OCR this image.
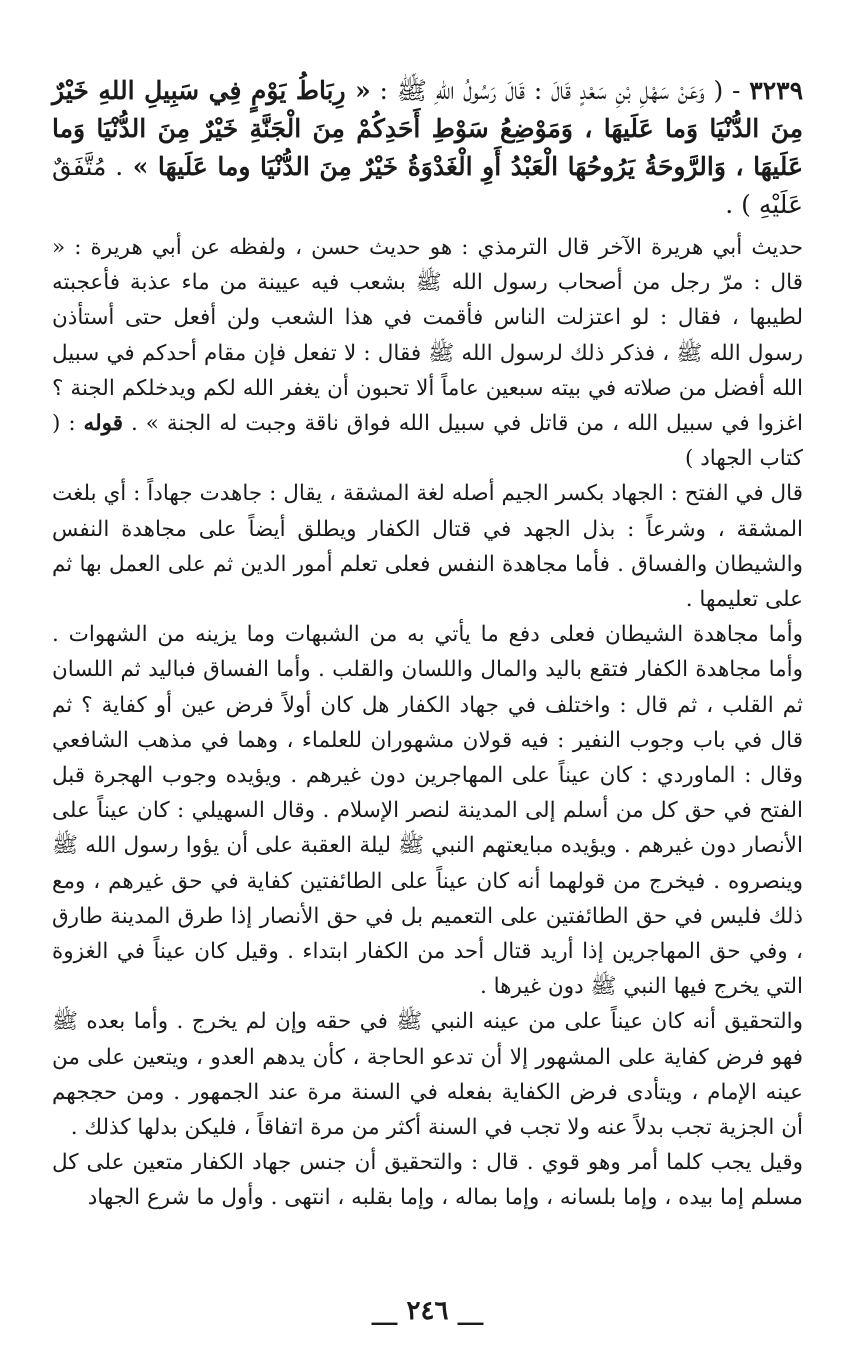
٣٢٣٩ - ( وَعَنْ سَهْلِ بْنِ سَعْدٍ قَالَ : قَالَ رَسُولُ اللهِ ﷺ : « رِبَاطُ يَوْمٍ فِي سَبِيلِ اللهِ خَيْرٌ مِنَ الدُّنْيَا وَما عَلَيهَا ، وَمَوْضِعُ سَوْطِ أَحَدِكُمْ مِنَ الْجَنَّةِ خَيْرٌ مِنَ الدُّنْيَا وَما عَلَيهَا ، وَالرَّوحَةُ يَرُوحُهَا الْعَبْدُ أَوِ الْغَدْوَةُ خَيْرٌ مِنَ الدُّنْيَا وما عَلَيهَا » . مُتَّفَقٌ عَلَيْهِ ) .

حديث أبي هريرة الآخر قال الترمذي : هو حديث حسن ، ولفظه عن أبي هريرة : « قال : مرّ رجل من أصحاب رسول الله ﷺ بشعب فيه عيينة من ماء عذبة فأعجبته لطيبها ، فقال : لو اعتزلت الناس فأقمت في هذا الشعب ولن أفعل حتى أستأذن رسول الله ﷺ ، فذكر ذلك لرسول الله ﷺ فقال : لا تفعل فإن مقام أحدكم في سبيل الله أفضل من صلاته في بيته سبعين عاماً ألا تحبون أن يغفر الله لكم ويدخلكم الجنة ؟ اغزوا في سبيل الله ، من قاتل في سبيل الله فواق ناقة وجبت له الجنة » . قوله : ( كتاب الجهاد )

قال في الفتح : الجهاد بكسر الجيم أصله لغة المشقة ، يقال : جاهدت جهاداً : أي بلغت المشقة ، وشرعاً : بذل الجهد في قتال الكفار ويطلق أيضاً على مجاهدة النفس والشيطان والفساق . فأما مجاهدة النفس فعلى تعلم أمور الدين ثم على العمل بها ثم على تعليمها .

وأما مجاهدة الشيطان فعلى دفع ما يأتي به من الشبهات وما يزينه من الشهوات . وأما مجاهدة الكفار فتقع باليد والمال واللسان والقلب . وأما الفساق فباليد ثم اللسان ثم القلب ، ثم قال : واختلف في جهاد الكفار هل كان أولاً فرض عين أو كفاية ؟ ثم قال في باب وجوب النفير : فيه قولان مشهوران للعلماء ، وهما في مذهب الشافعي وقال : الماوردي : كان عيناً على المهاجرين دون غيرهم . ويؤيده وجوب الهجرة قبل الفتح في حق كل من أسلم إلى المدينة لنصر الإسلام . وقال السهيلي : كان عيناً على الأنصار دون غيرهم . ويؤيده مبايعتهم النبي ﷺ ليلة العقبة على أن يؤوا رسول الله ﷺ وينصروه . فيخرج من قولهما أنه كان عيناً على الطائفتين كفاية في حق غيرهم ، ومع ذلك فليس في حق الطائفتين على التعميم بل في حق الأنصار إذا طرق المدينة طارق ، وفي حق المهاجرين إذا أريد قتال أحد من الكفار ابتداء . وقيل كان عيناً في الغزوة التي يخرج فيها النبي ﷺ دون غيرها .

والتحقيق أنه كان عيناً على من عينه النبي ﷺ في حقه وإن لم يخرج . وأما بعده ﷺ فهو فرض كفاية على المشهور إلا أن تدعو الحاجة ، كأن يدهم العدو ، ويتعين على من عينه الإمام ، ويتأدى فرض الكفاية بفعله في السنة مرة عند الجمهور . ومن حججهم أن الجزية تجب بدلاً عنه ولا تجب في السنة أكثر من مرة اتفاقاً ، فليكن بدلها كذلك .

وقيل يجب كلما أمر وهو قوي . قال : والتحقيق أن جنس جهاد الكفار متعين على كل مسلم إما بيده ، وإما بلسانه ، وإما بماله ، وإما بقلبه ، انتهى . وأول ما شرع الجهاد

__ ٢٤٦ __
